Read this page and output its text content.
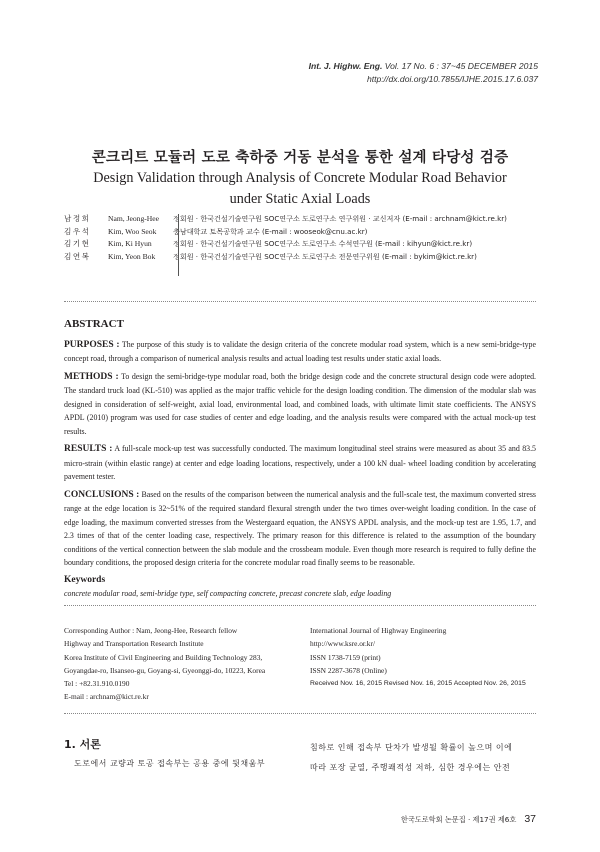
Int. J. Highw. Eng. Vol. 17 No. 6 : 37~45 DECEMBER 2015
http://dx.doi.org/10.7855/IJHE.2015.17.6.037
콘크리트 모듈러 도로 축하중 거동 분석을 통한 설계 타당성 검증
Design Validation through Analysis of Concrete Modular Road Behavior under Static Axial Loads
남정희	Nam, Jeong-Hee	정회원 · 한국건설기술연구원 SOC연구소 도로연구소 연구위원 · 교신저자 (E-mail : archnam@kict.re.kr)
김우석	Kim, Woo Seok	충남대학교 토목공학과 교수 (E-mail : wooseok@cnu.ac.kr)
김기현	Kim, Ki Hyun	정회원 · 한국건설기술연구원 SOC연구소 도로연구소 수석연구원 (E-mail : kihyun@kict.re.kr)
김연복	Kim, Yeon Bok	정회원 · 한국건설기술연구원 SOC연구소 도로연구소 전문연구위원 (E-mail : bykim@kict.re.kr)
ABSTRACT

PURPOSES : The purpose of this study is to validate the design criteria of the concrete modular road system, which is a new semi-bridge-type concept road, through a comparison of numerical analysis results and actual loading test results under static axial loads.

METHODS : To design the semi-bridge-type modular road, both the bridge design code and the concrete structural design code were adopted. The standard truck load (KL-510) was applied as the major traffic vehicle for the design loading condition. The dimension of the modular slab was designed in consideration of self-weight, axial load, environmental load, and combined loads, with ultimate limit state coefficients. The ANSYS APDL (2010) program was used for case studies of center and edge loading, and the analysis results were compared with the actual mock-up test results.

RESULTS : A full-scale mock-up test was successfully conducted. The maximum longitudinal steel strains were measured as about 35 and 83.5 micro-strain (within elastic range) at center and edge loading locations, respectively, under a 100 kN dual- wheel loading condition by accelerating pavement tester.

CONCLUSIONS : Based on the results of the comparison between the numerical analysis and the full-scale test, the maximum converted stress range at the edge location is 32~51% of the required standard flexural strength under the two times over-weight loading condition. In the case of edge loading, the maximum converted stresses from the Westergaard equation, the ANSYS APDL analysis, and the mock-up test are 1.95, 1.7, and 2.3 times of that of the center loading case, respectively. The primary reason for this difference is related to the assumption of the boundary conditions of the vertical connection between the slab module and the crossbeam module. Even though more research is required to fully define the boundary conditions, the proposed design criteria for the concrete modular road finally seems to be reasonable.

Keywords
concrete modular road, semi-bridge type, self compacting concrete, precast concrete slab, edge loading
Corresponding Author : Nam, Jeong-Hee, Research fellow
Highway and Transportation Research Institute
Korea Institute of Civil Engineering and Building Technology 283,
Goyangdae-ro, Ilsanseo-gu, Goyang-si, Gyeonggi-do, 10223, Korea
Tel : +82.31.910.0190
E-mail : archnam@kict.re.kr
International Journal of Highway Engineering
http://www.ksre.or.kr/
ISSN 1738-7159 (print)
ISSN 2287-3678 (Online)
Received Nov. 16, 2015 Revised Nov. 16, 2015 Accepted Nov. 26, 2015
1. 서론
도로에서 교량과 토공 접속부는 공용 중에 뒷채움부
침하로 인해 접속부 단차가 발생될 확률이 높으며 이에
따라 포장 균열, 주행쾌적성 저하, 심한 경우에는 안전
한국도로학회 논문집 · 제17권 제6호 37
